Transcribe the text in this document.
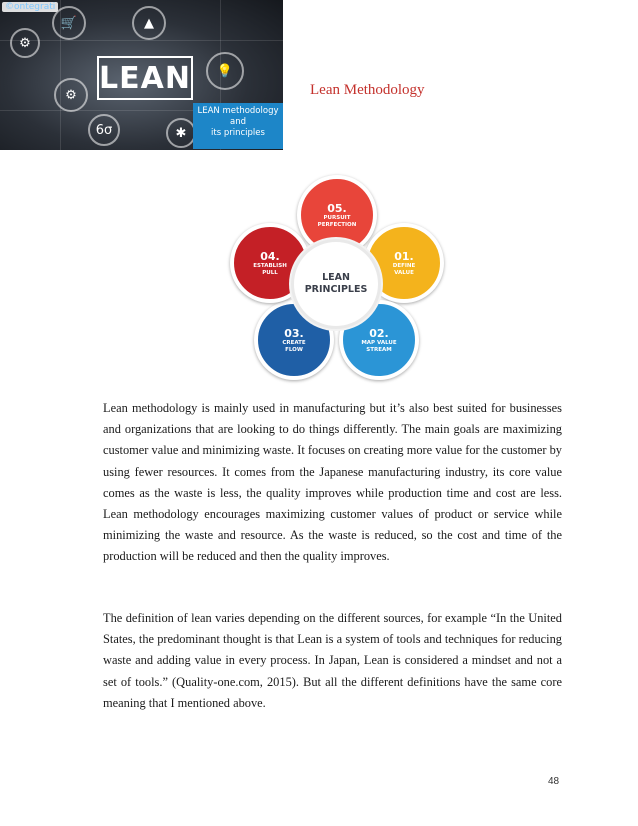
©ontegrati
⚙
🛒	▲
💡
⚙
6σ	✱
LEAN
LEAN methodology
and
its principles
Lean Methodology
05.
PURSUIT
PERFECTION
01.
DEFINE
VALUE
02.
MAP VALUE
STREAM
03.
CREATE
FLOW
04.
ESTABLISH
PULL	LEAN
PRINCIPLES

Lean methodology is mainly used in manufacturing but it’s also best suited for businesses and organizations that are looking to do things differently. The main goals are maximizing customer value and minimizing waste. It focuses on creating more value for the customer by using fewer resources. It comes from the Japanese manufacturing industry, its core value comes as the waste is less, the quality improves while production time and cost are less. Lean methodology encourages maximizing customer values of product or service while minimizing the waste and resource. As the waste is reduced, so the cost and time of the production will be reduced and then the quality improves.

The definition of lean varies depending on the different sources, for example “In the United States, the predominant thought is that Lean is a system of tools and techniques for reducing waste and adding value in every process. In Japan, Lean is considered a mindset and not a set of tools.” (Quality-one.com, 2015). But all the different definitions have the same core meaning that I mentioned above.

48
